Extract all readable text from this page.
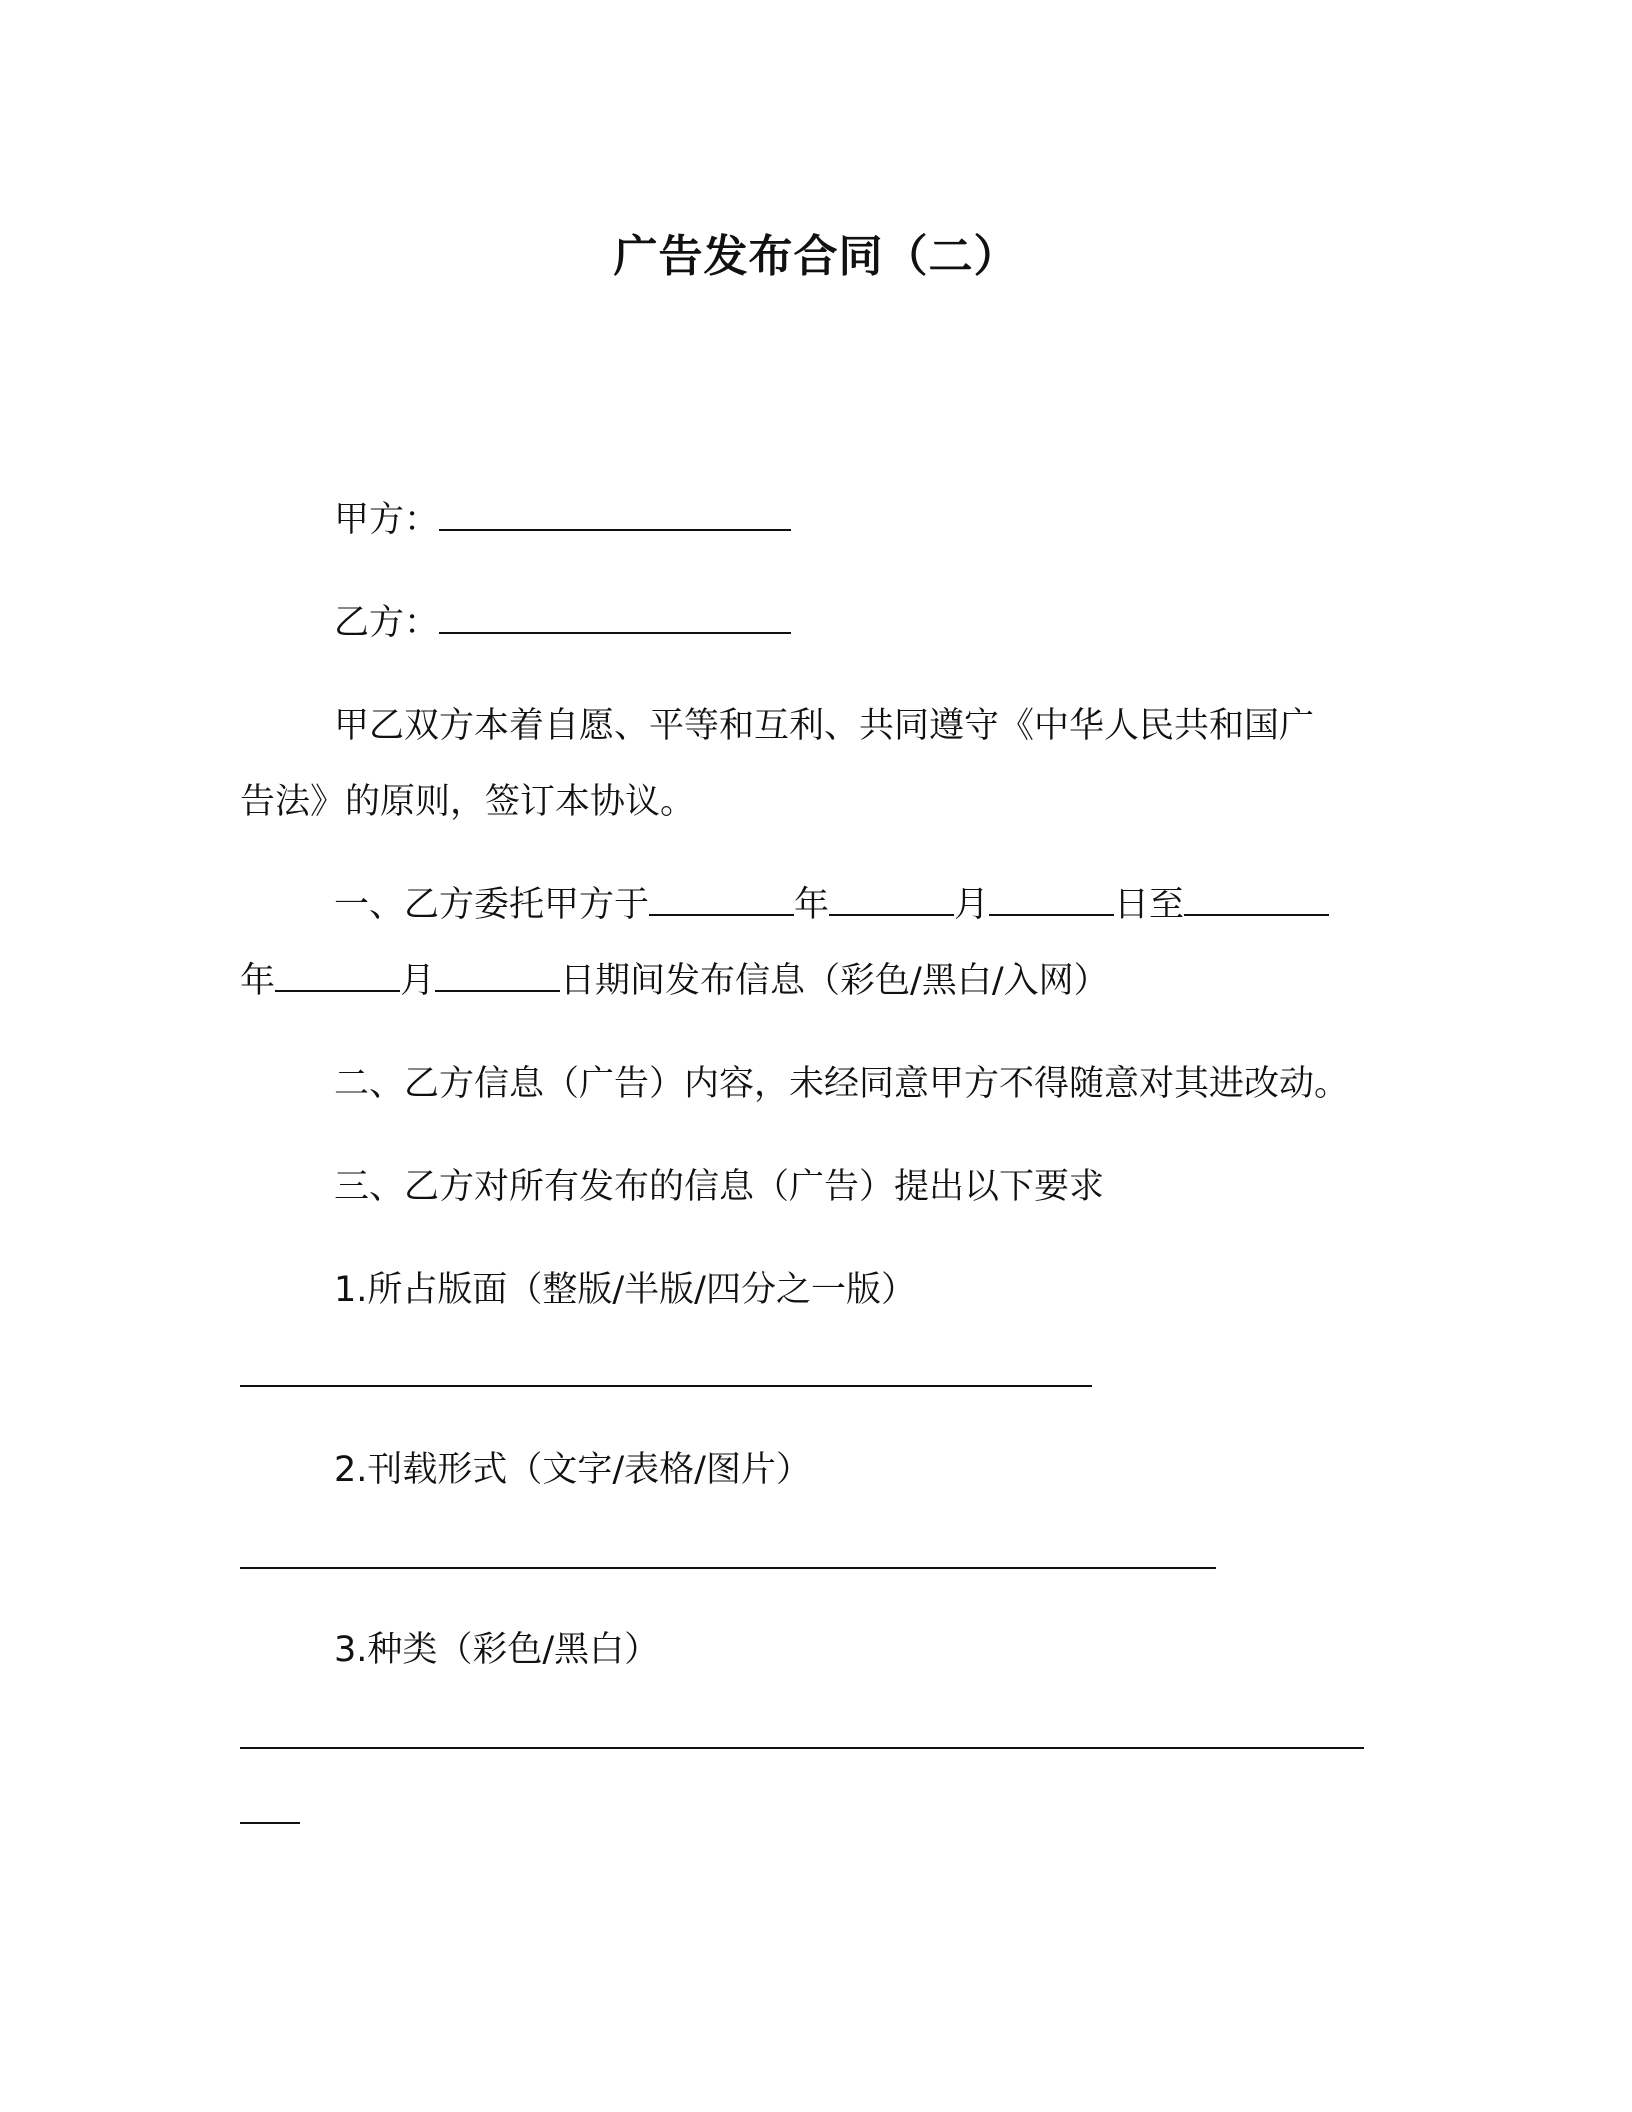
广告发布合同（二）
甲方：
乙方：
甲乙双方本着自愿、平等和互利、共同遵守《中华人民共和国广
告法》的原则，签订本协议。
一、乙方委托甲方于	年	月	日至
年	月	日期间发布信息（彩色/黑白/入网）
二、乙方信息（广告）内容，未经同意甲方不得随意对其进改动。
三、乙方对所有发布的信息（广告）提出以下要求
1.所占版面（整版/半版/四分之一版）
2.刊载形式（文字/表格/图片）
3.种类（彩色/黑白）
